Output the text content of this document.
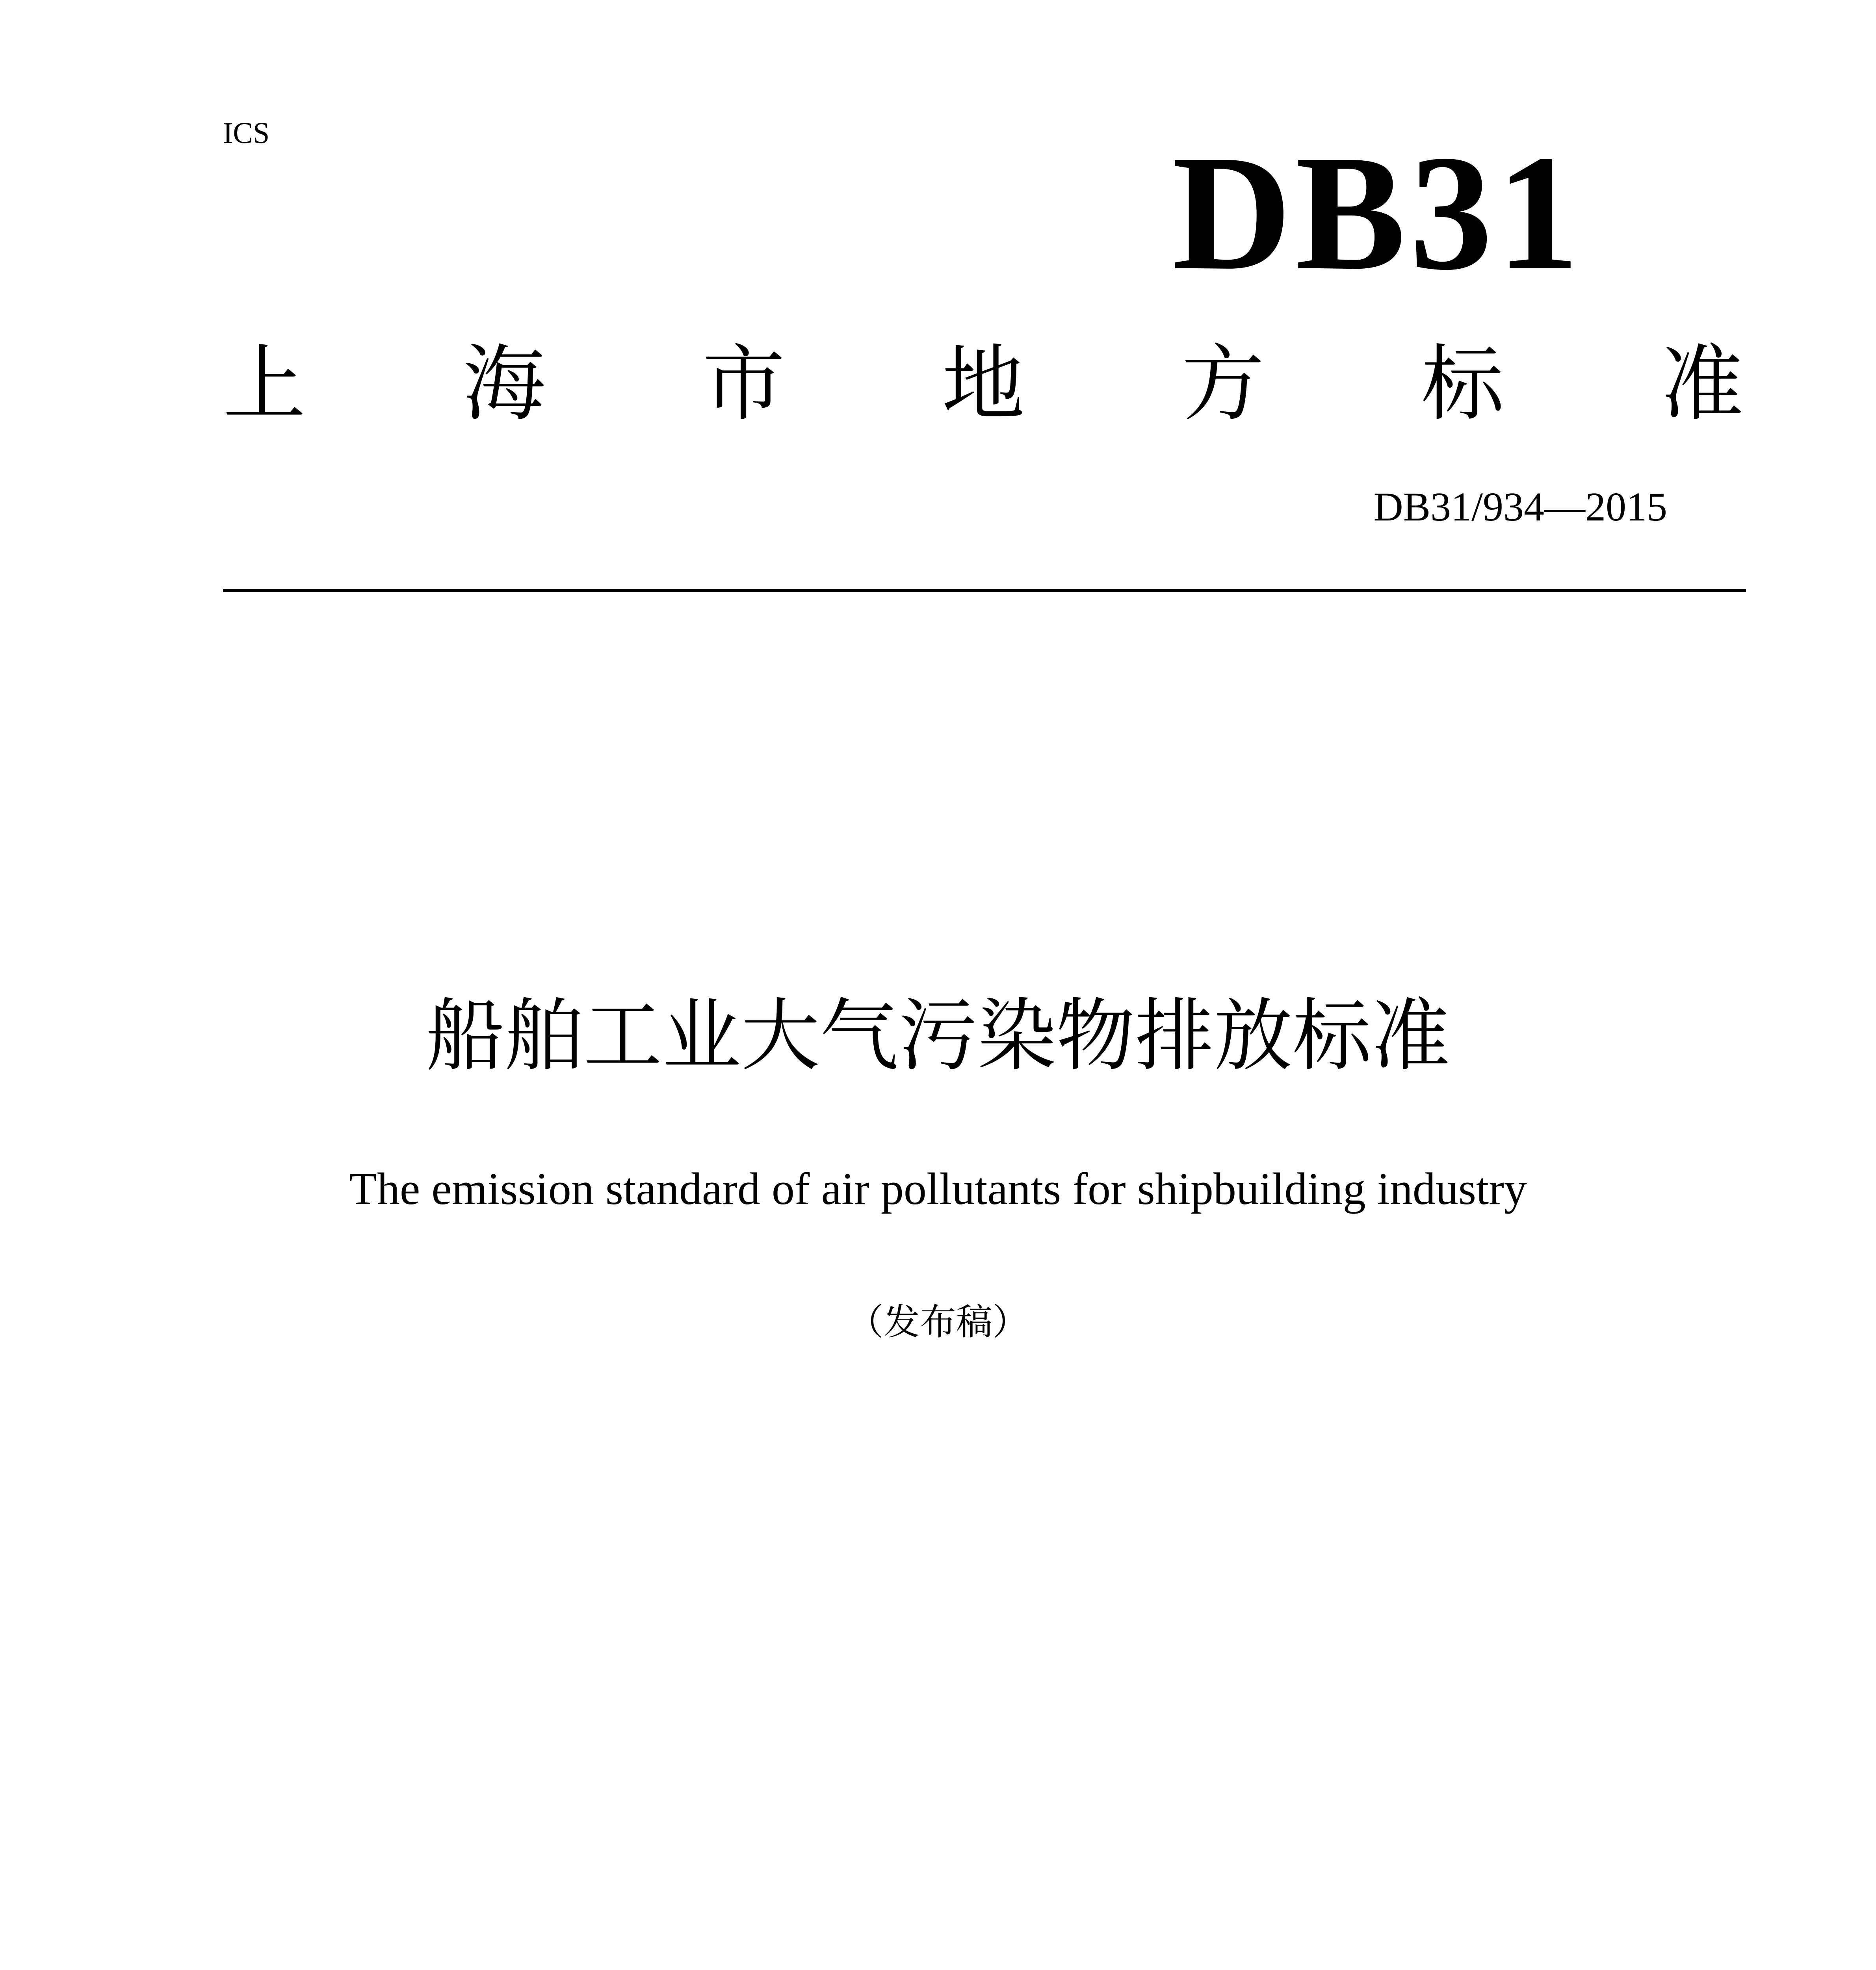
ICS	DB31
上 海 市 地 方 标 准
DB31/934—2015
船舶工业大气污染物排放标准
The emission standard of air pollutants for shipbuilding industry
（发布稿）
